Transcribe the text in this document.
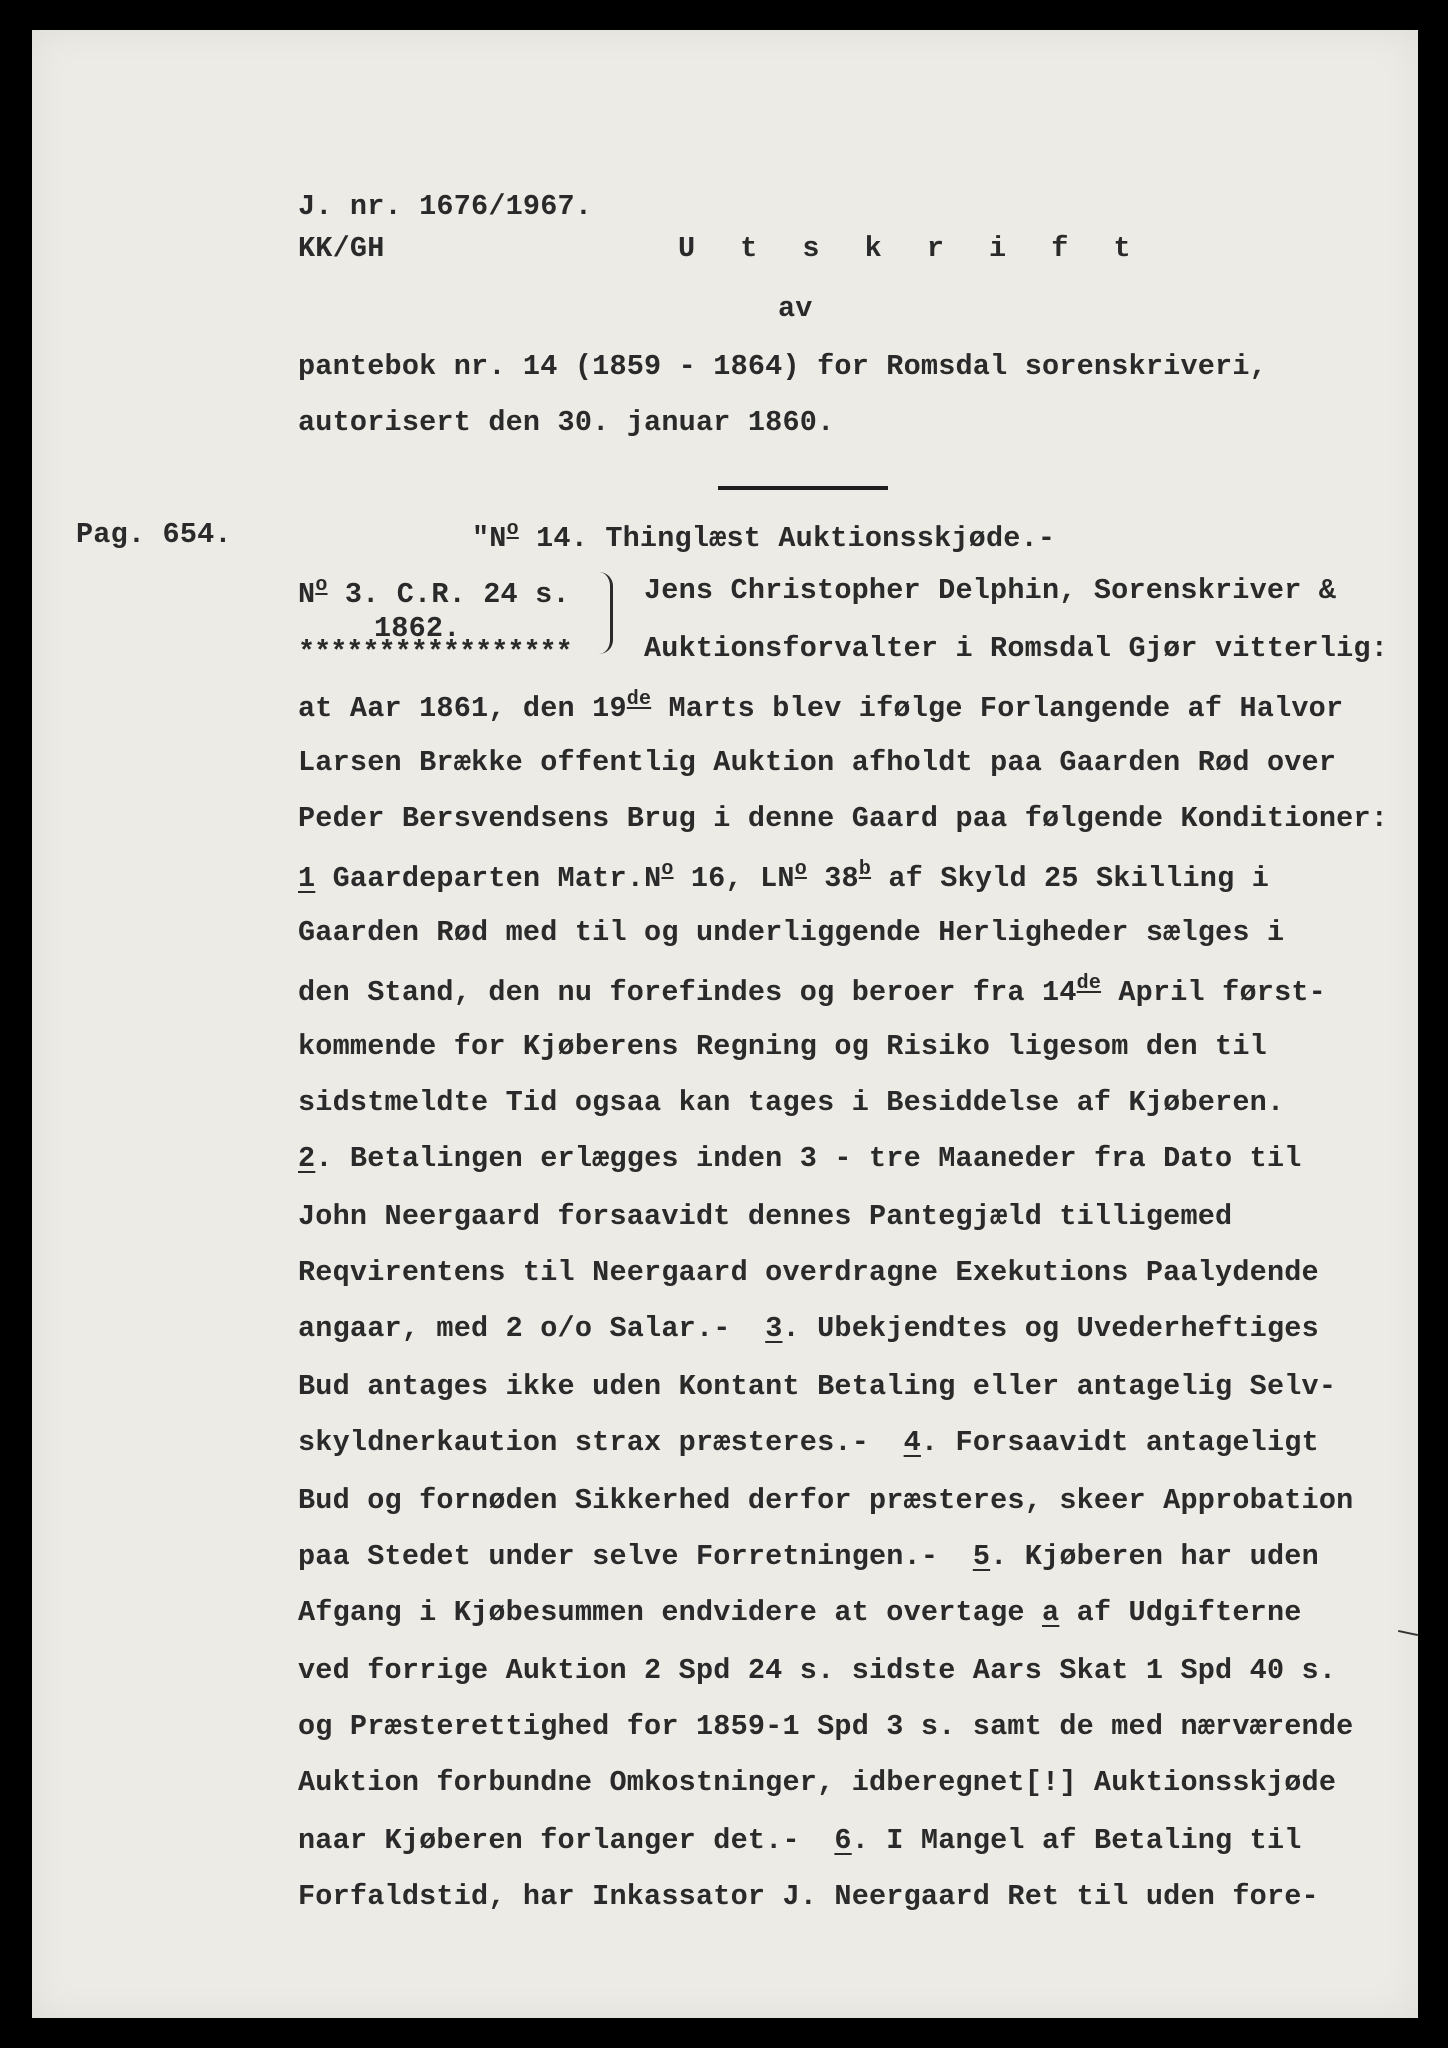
J. nr. 1676/1967.
KK/GH	U t s k r i f t
av
pantebok nr. 14 (1859 - 1864) for Romsdal sorenskriveri,
autorisert den 30. januar 1860.
Pag. 654.	"$N^o$ 14. Thinglæst Auktionsskjøde.-
$N^o$ 3. C.R. 24 s.
1862.
*****************
Jens Christopher Delphin, Sorenskriver &
Auktionsforvalter i Romsdal Gjør vitterlig:
at Aar 1861, den 19de Marts blev ifølge Forlangende af Halvor
Larsen Brække offentlig Auktion afholdt paa Gaarden Rød over
Peder Bersvendsens Brug i denne Gaard paa følgende Konditioner:
1 Gaardeparten $Matr.N^o$ 16, $LN^o$ 38$^b$ af Skyld 25 Skilling i
Gaarden Rød med til og underliggende Herligheder sælges i
den Stand, den nu forefindes og beroer fra 14de April først-
kommende for Kjøberens Regning og Risiko ligesom den til
sidstmeldte Tid ogsaa kan tages i Besiddelse af Kjøberen.
2. Betalingen erlægges inden 3 - tre Maaneder fra Dato til
John Neergaard forsaavidt dennes Pantegjæld tilligemed
Reqvirentens til Neergaard overdragne Exekutions Paalydende
angaar, med 2 o/o Salar.-  3. Ubekjendtes og Uvederheftiges
Bud antages ikke uden Kontant Betaling eller antagelig Selv-
skyldnerkaution strax præsteres.-  4. Forsaavidt antageligt
Bud og fornøden Sikkerhed derfor præsteres, skeer Approbation
paa Stedet under selve Forretningen.-  5. Kjøberen har uden
Afgang i Kjøbesummen endvidere at overtage a af Udgifterne
ved forrige Auktion 2 Spd 24 s. sidste Aars Skat 1 Spd 40 s.
og Præsterettighed for 1859-1 Spd 3 s. samt de med nærværende
Auktion forbundne Omkostninger, idberegnet[!] Auktionsskjøde
naar Kjøberen forlanger det.-  6. I Mangel af Betaling til
Forfaldstid, har Inkassator J. Neergaard Ret til uden fore-
